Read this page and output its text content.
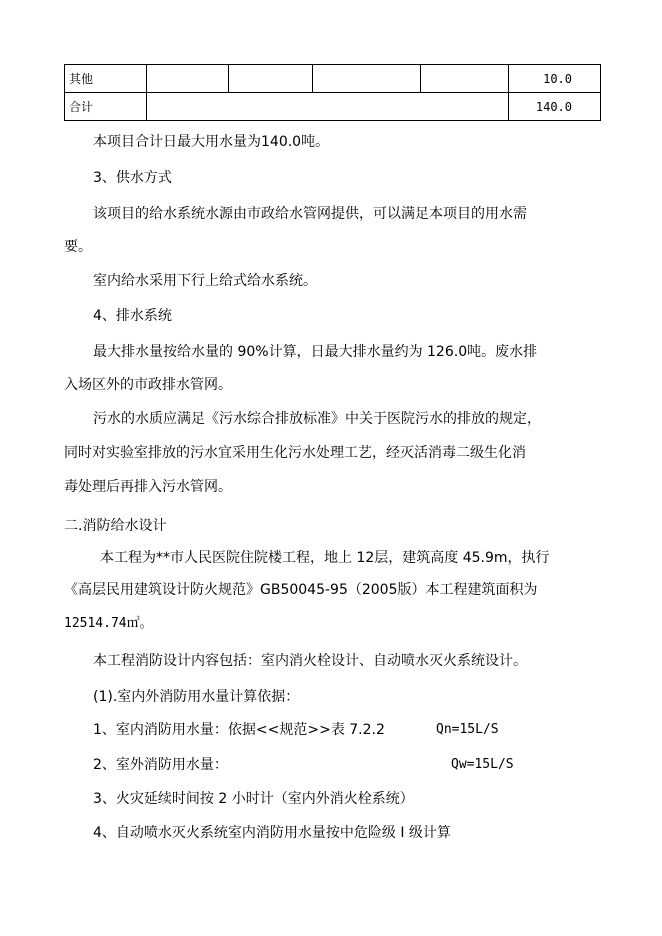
其他					10.0
合计					140.0
本项目合计日最大用水量为140.0吨。
3、供水方式
该项目的给水系统水源由市政给水管网提供，可以满足本项目的用水需
要。
室内给水采用下行上给式给水系统。
4、排水系统
最大排水量按给水量的 90%计算，日最大排水量约为 126.0吨。废水排
入场区外的市政排水管网。
污水的水质应满足《污水综合排放标准》中关于医院污水的排放的规定，
同时对实验室排放的污水宜采用生化污水处理工艺，经灭活消毒二级生化消
毒处理后再排入污水管网。
二.消防给水设计
本工程为**市人民医院住院楼工程，地上 12层，建筑高度 45.9m，执行
《高层民用建筑设计防火规范》GB50045-95（2005版）本工程建筑面积为
12514.74㎡。
本工程消防设计内容包括：室内消火栓设计、自动喷水灭火系统设计。
(1).室内外消防用水量计算依据：
1、室内消防用水量：依据<<规范>>表 7.2.2	Qn=15L/S
2、室外消防用水量：	Qw=15L/S
3、火灾延续时间按 2 小时计（室内外消火栓系统）
4、自动喷水灭火系统室内消防用水量按中危险级 I 级计算
